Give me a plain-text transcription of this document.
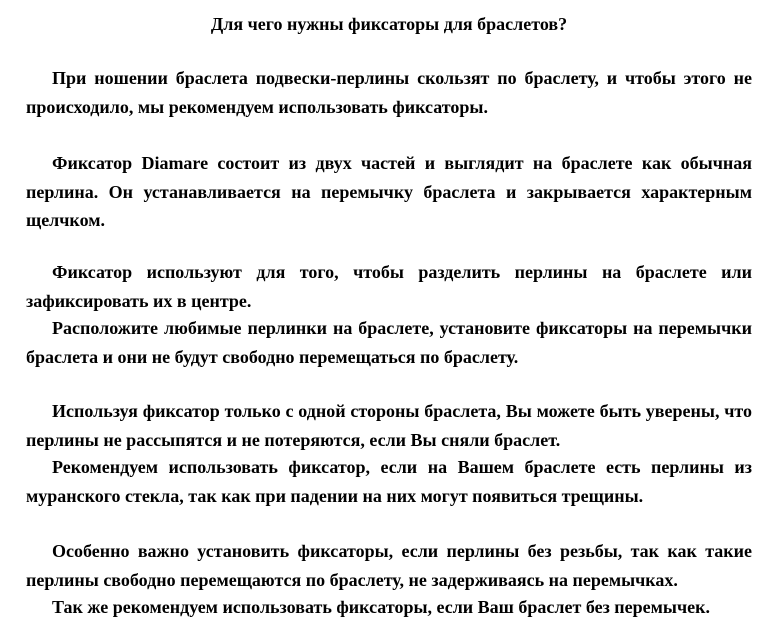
Для чего нужны фиксаторы для браслетов?

При ношении браслета подвески-перлины скользят по браслету, и чтобы этого не происходило, мы рекомендуем использовать фиксаторы.

Фиксатор Diamare состоит из двух частей и выглядит на браслете как обычная перлина. Он устанавливается на перемычку браслета и закрывается характерным щелчком.

Фиксатор используют для того, чтобы разделить перлины на браслете или зафиксировать их в центре.

Расположите любимые перлинки на браслете, установите фиксаторы на перемычки браслета и они не будут свободно перемещаться по браслету.

Используя фиксатор только с одной стороны браслета, Вы можете быть уверены, что перлины не рассыпятся и не потеряются, если Вы сняли браслет.

Рекомендуем использовать фиксатор, если на Вашем браслете есть перлины из муранского стекла, так как при падении на них могут появиться трещины.

Особенно важно установить фиксаторы, если перлины без резьбы, так как такие перлины свободно перемещаются по браслету, не задерживаясь на перемычках.

Так же рекомендуем использовать фиксаторы, если Ваш браслет без перемычек.
